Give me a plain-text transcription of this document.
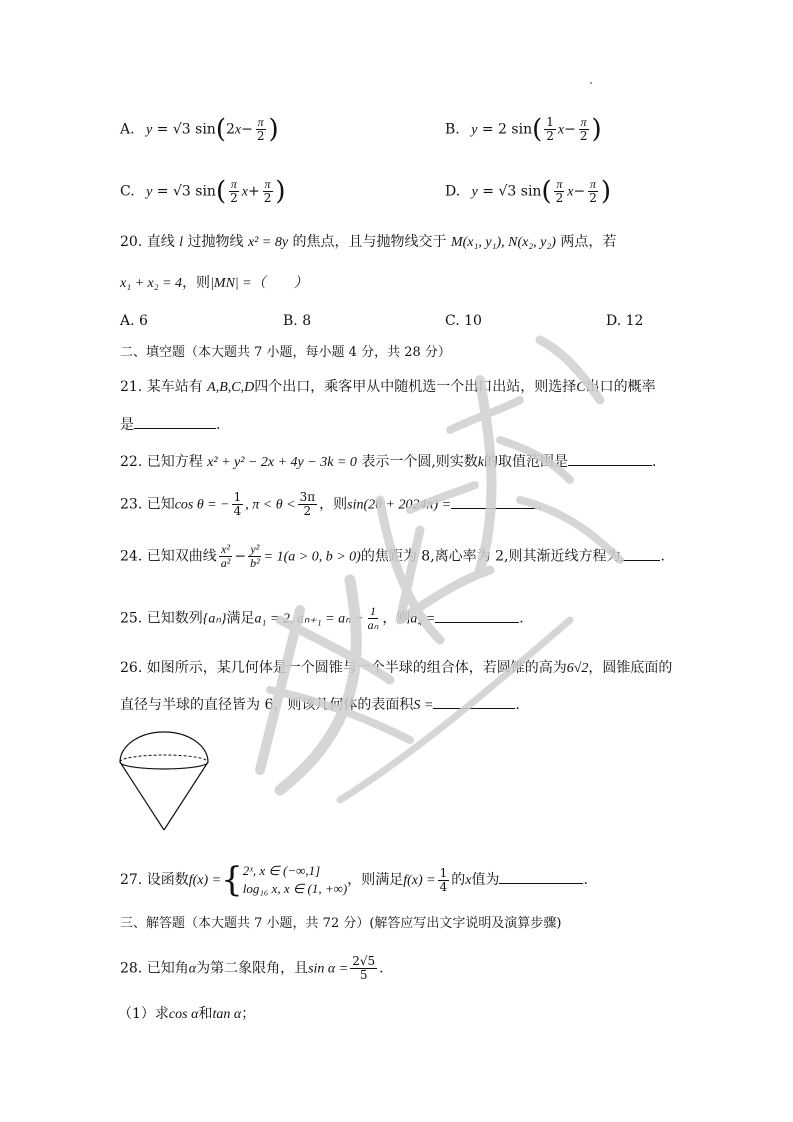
A.   y = √3 $\sin(2x- \frac{\pi}{2}$ )	B.   y = 2 $\sin( \frac{1}{2} x- \frac{\pi}{2}$ )
C.   y = √3 $\sin( \frac{\pi}{2} x+ \frac{\pi}{2}$ )	D.   y = √3 $\sin( \frac{\pi}{2} x- \frac{\pi}{2}$ )
20. 直线 l 过抛物线 x² = 8y 的焦点，且与抛物线交于 M(x₁, y₁), N(x₂, y₂) 两点，若
x₁ + x₂ = 4，则|MN| =（　　）
A. 6	B. 8	C. 10	D. 12
二、填空题（本大题共 7 小题，每小题 4 分，共 28 分）
21. 某车站有 A,B,C,D四个出口，乘客甲从中随机选一个出口出站，则选择C出口的概率
是	.
22. 已知方程 x² + y² − 2x + 4y − 3k = 0 表示一个圆,则实数k的取值范围是	.
23. 已知cos θ = − $\frac{1}{4}$ , $\pi < \theta < \frac{3\pi}{2}$ ，则sin(2θ + 2024π) =	.
24. 已知双曲线 $\frac{\text{x²}}{\text{a²}} - \frac{\text{y²}}{\text{b²}} = 1(a > 0$, b > 0)的焦距为 8,离心率为 2,则其渐近线方程为	.
25. 已知数列{aₙ}满足a₁ = 2, $a_{n+1} = a_n - \frac{1}{\text{aₙ}}$ ，则a₄ =	.
26. 如图所示，某几何体是一个圆锥与一个半球的组合体，若圆锥的高为6√2，圆锥底面的
直径与半球的直径皆为 6，则该几何体的表面积S =	.
27. 设函数f(x) ={ 2ˣ, x ∈ (−∞,1]
log₁₆ x, x ∈ (1, +∞)
，则满足$f(x) = \frac{1}{4}$ 的x值为	.
三、解答题（本大题共 7 小题，共 72 分）(解答应写出文字说明及演算步骤)
28. 已知角α为第二象限角，且$\sin \alpha = \frac{2√5}{5}$ .
（1）求cos α和tan α；
中职生逆袭
